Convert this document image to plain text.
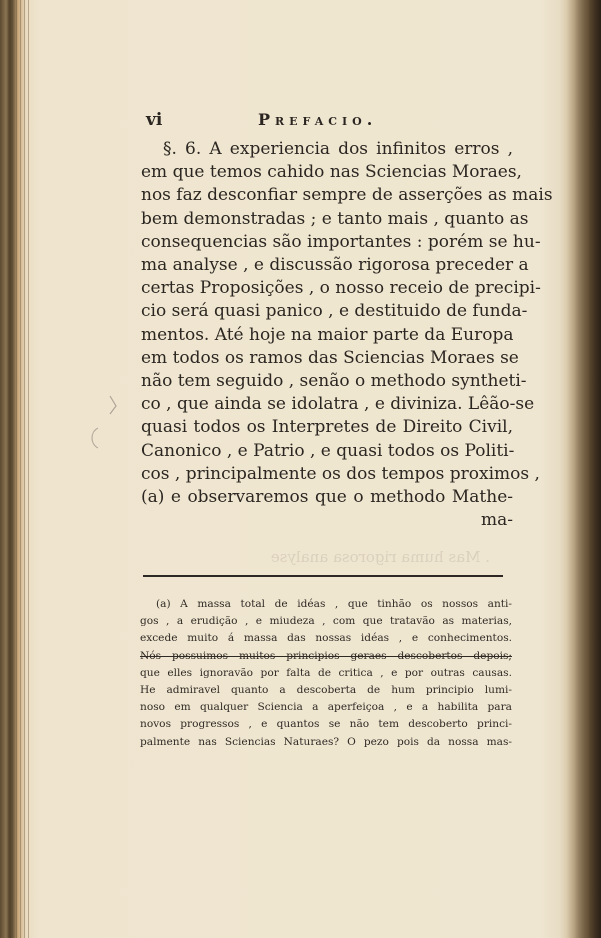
. Mas huma rigorosa analyse
vi	Prefacio.
§. 6. A experiencia dos infinitos erros ,
em que temos cahido nas Sciencias Moraes,
nos faz desconfiar sempre de asserções as mais
bem demonstradas ; e tanto mais , quanto as
consequencias são importantes : porém se hu-
ma analyse , e discussão rigorosa preceder a
certas Proposições , o nosso receio de precipi-
cio será quasi panico , e destituido de funda-
mentos. Até hoje na maior parte da Europa
em todos os ramos das Sciencias Moraes se
não tem seguido , senão o methodo syntheti-
co , que ainda se idolatra , e diviniza. Lêão-se
quasi todos os Interpretes de Direito Civil,
Canonico , e Patrio , e quasi todos os Politi-
cos , principalmente os dos tempos proximos ,
(a) e observaremos que o methodo Mathe-
ma-
(a) A massa total de idéas , que tinhão os nossos anti-
gos , a erudição , e miudeza , com que tratavão as materias,
excede muito á massa das nossas idéas , e conhecimentos.
Nós possuimos muitos principios geraes descobertos depois;
que elles ignoravão por falta de critica , e por outras causas.
He admiravel quanto a descoberta de hum principio lumi-
noso em qualquer Sciencia a aperfeiçoa , e a habilita para
novos progressos , e quantos se não tem descoberto princi-
palmente nas Sciencias Naturaes? O pezo pois da nossa mas-
